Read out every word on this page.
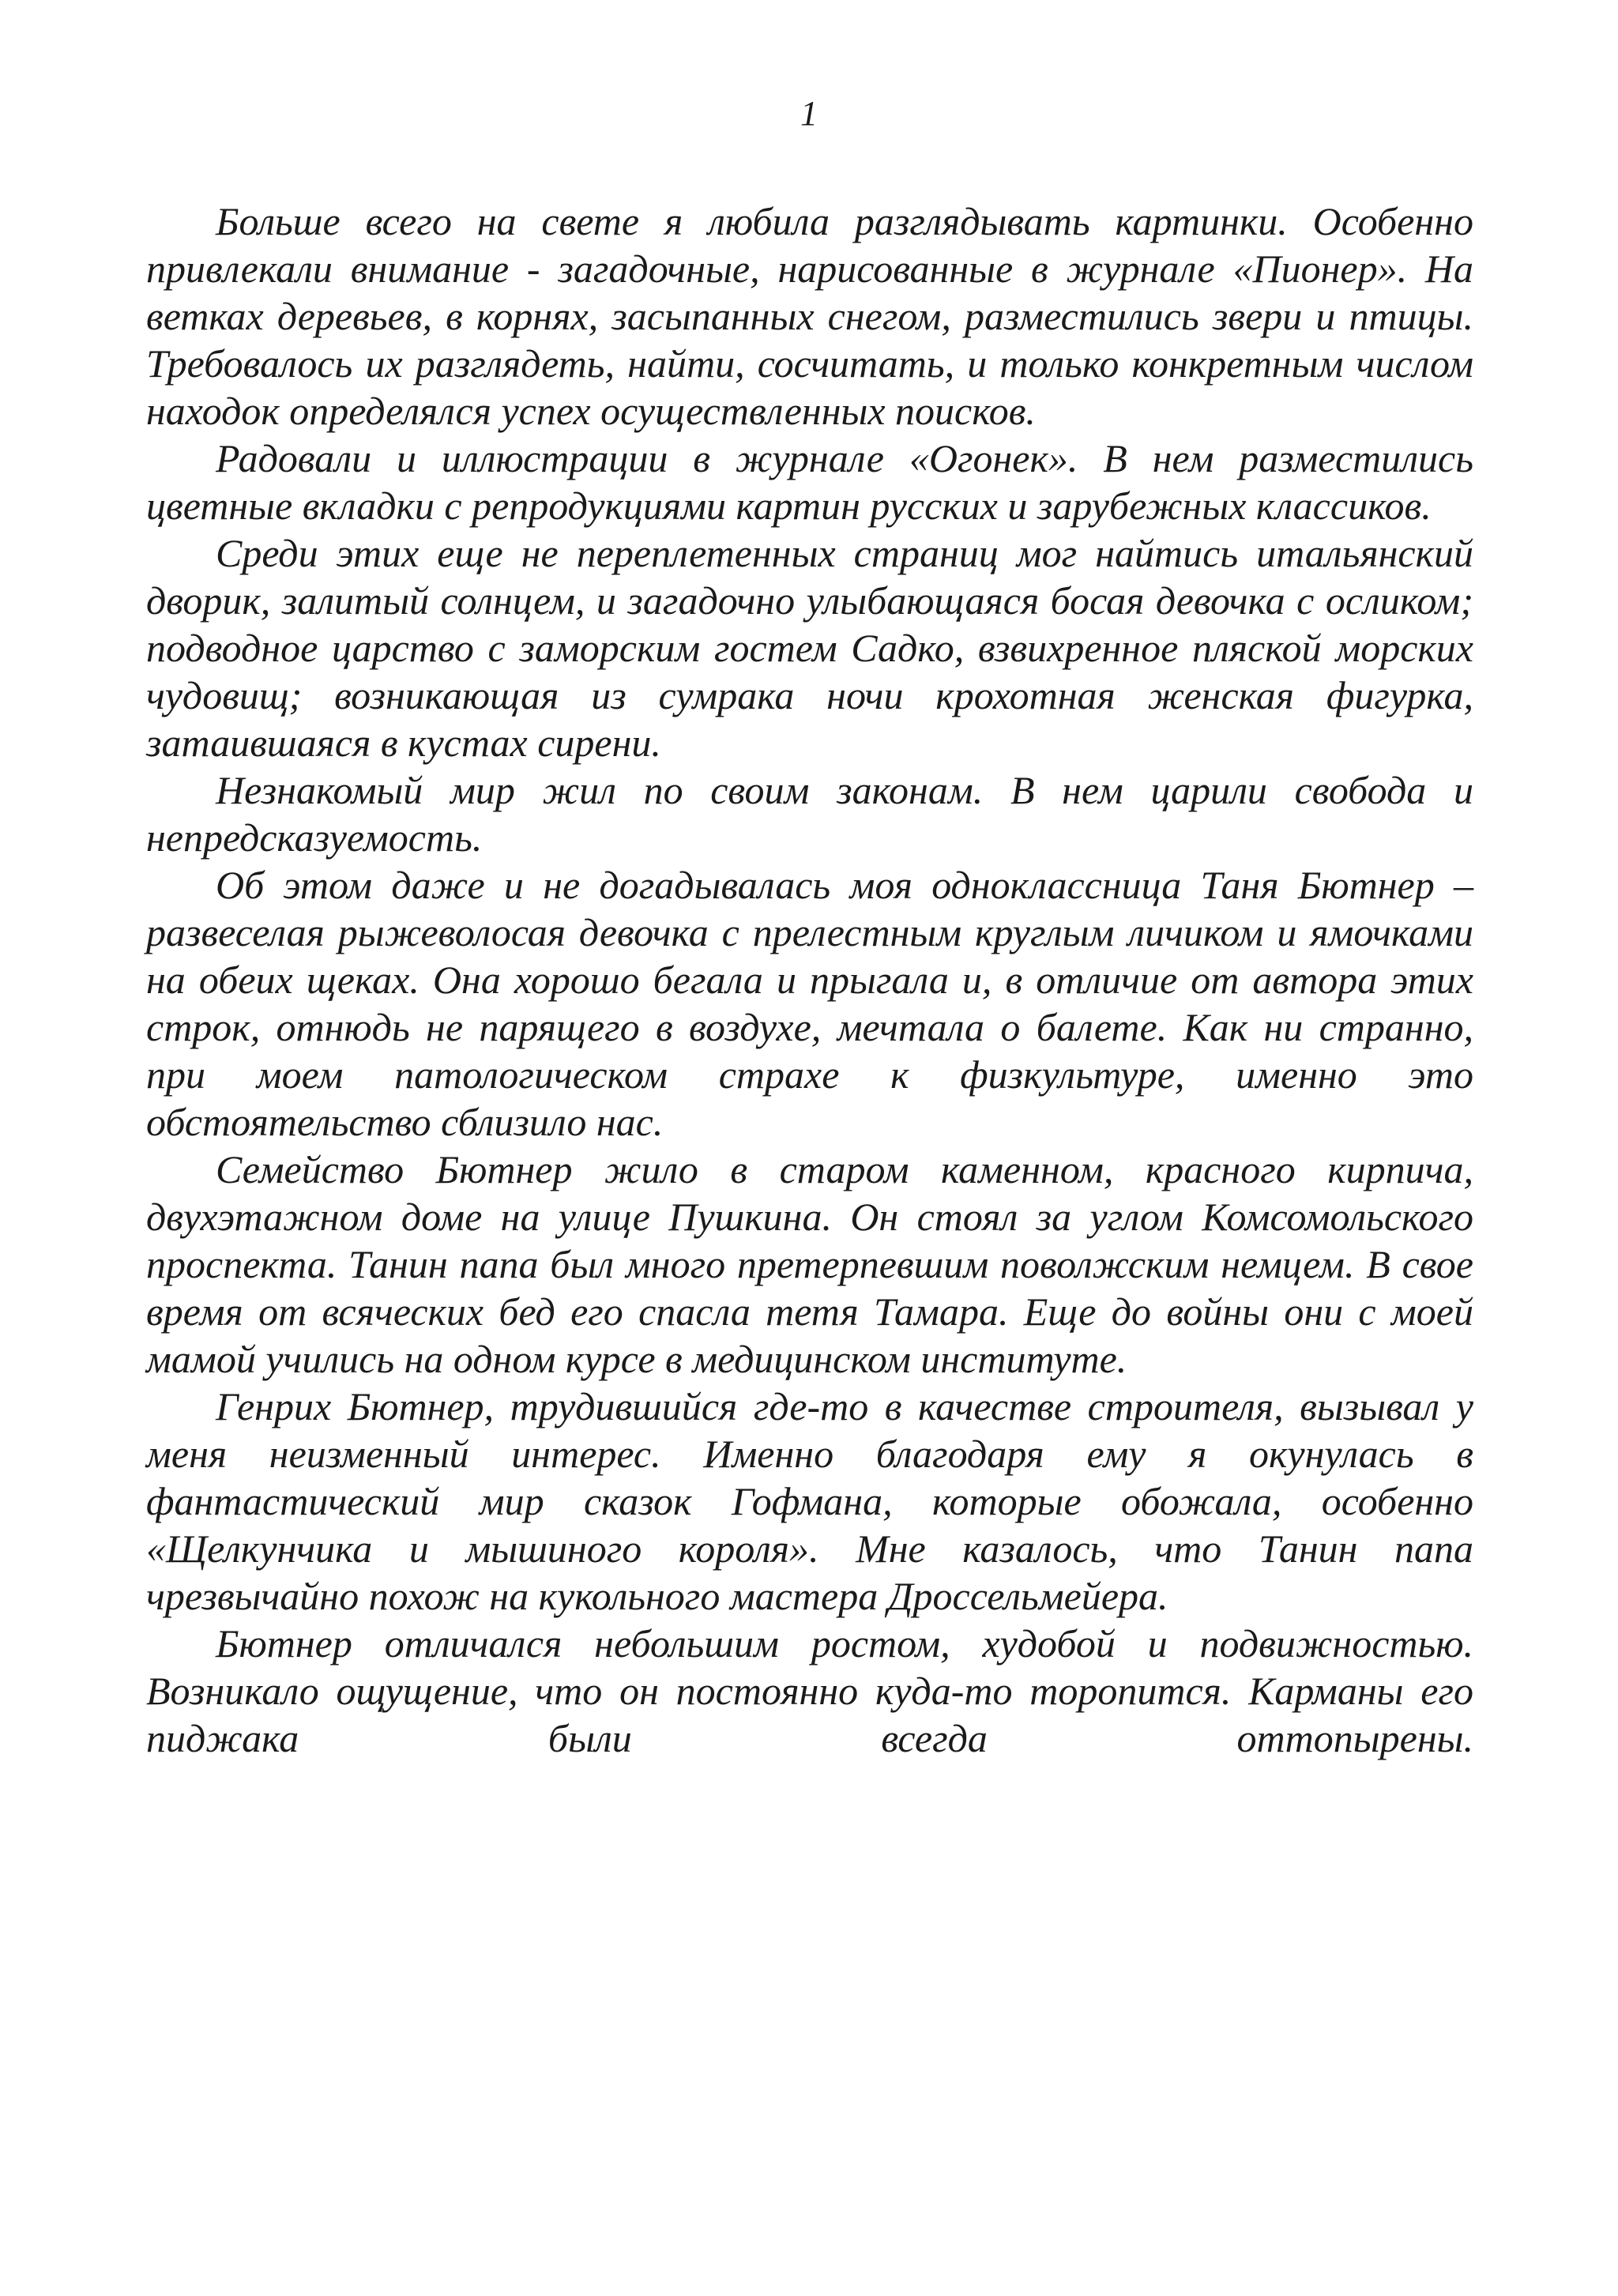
1

Больше всего на свете я любила разглядывать картинки. Особенно привлекали внимание - загадочные, нарисованные в журнале «Пионер». На ветках деревьев, в корнях, засыпанных снегом, разместились звери и птицы. Требовалось их разглядеть, найти, сосчитать, и только конкретным числом находок определялся успех осуществленных поисков.

Радовали и иллюстрации в журнале «Огонек». В нем разместились цветные вкладки с репродукциями картин русских и зарубежных классиков.

Среди этих еще не переплетенных страниц мог найтись итальянский дворик, залитый солнцем, и загадочно улыбающаяся босая девочка с осликом; подводное царство с заморским гостем Садко, взвихренное пляской морских чудовищ; возникающая из сумрака ночи крохотная женская фигурка, затаившаяся в кустах сирени.

Незнакомый мир жил по своим законам. В нем царили свобода и непредсказуемость.

Об этом даже и не догадывалась моя одноклассница Таня Бютнер – развеселая рыжеволосая девочка с прелестным круглым личиком и ямочками на обеих щеках. Она хорошо бегала и прыгала и, в отличие от автора этих строк, отнюдь не парящего в воздухе, мечтала о балете. Как ни странно, при моем патологическом страхе к физкультуре, именно это обстоятельство сблизило нас.

Семейство Бютнер жило в старом каменном, красного кирпича, двухэтажном доме на улице Пушкина. Он стоял за углом Комсомольского проспекта. Танин папа был много претерпевшим поволжским немцем. В свое время от всяческих бед его спасла тетя Тамара. Еще до войны они с моей мамой учились на одном курсе в медицинском институте.

Генрих Бютнер, трудившийся где-то в качестве строителя, вызывал у меня неизменный интерес. Именно благодаря ему я окунулась в фантастический мир сказок Гофмана, которые обожала, особенно «Щелкунчика и мышиного короля». Мне казалось, что Танин папа чрезвычайно похож на кукольного мастера Дроссельмейера.

Бютнер отличался небольшим ростом, худобой и подвижностью. Возникало ощущение, что он постоянно куда-то торопится. Карманы его пиджака были всегда оттопырены.
